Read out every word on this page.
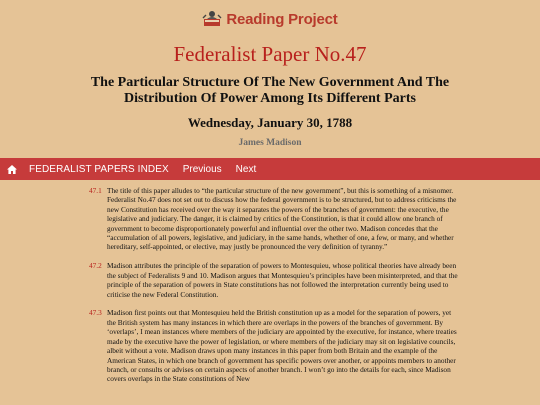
Reading Project
Federalist Paper No.47
The Particular Structure Of The New Government And The Distribution Of Power Among Its Different Parts
Wednesday, January 30, 1788
James Madison
FEDERALIST PAPERS INDEX Previous Next
47.1 The title of this paper alludes to “the particular structure of the new government”, but this is something of a misnomer. Federalist No.47 does not set out to discuss how the federal government is to be structured, but to address criticisms the new Constitution has received over the way it separates the powers of the branches of government: the executive, the legislative and judiciary. The danger, it is claimed by critics of the Constitution, is that it could allow one branch of government to become disproportionately powerful and influential over the other two. Madison concedes that the “accumulation of all powers, legislative, and judiciary, in the same hands, whether of one, a few, or many, and whether hereditary, self-appointed, or elective, may justly be pronounced the very definition of tyranny.”
47.2 Madison attributes the principle of the separation of powers to Montesquieu, whose political theories have already been the subject of Federalists 9 and 10. Madison argues that Montesquieu’s principles have been misinterpreted, and that the principle of the separation of powers in State constitutions has not followed the interpretation currently being used to criticise the new Federal Constitution.
47.3 Madison first points out that Montesquieu held the British constitution up as a model for the separation of powers, yet the British system has many instances in which there are overlaps in the powers of the branches of government. By ‘overlaps’, I mean instances where members of the judiciary are appointed by the executive, for instance, where treaties made by the executive have the power of legislation, or where members of the judiciary may sit on legislative councils, albeit without a vote. Madison draws upon many instances in this paper from both Britain and the example of the American States, in which one branch of government has specific powers over another, or appoints members to another branch, or consults or advises on certain aspects of another branch. I won’t go into the details for each, since Madison covers overlaps in the State constitutions of New
